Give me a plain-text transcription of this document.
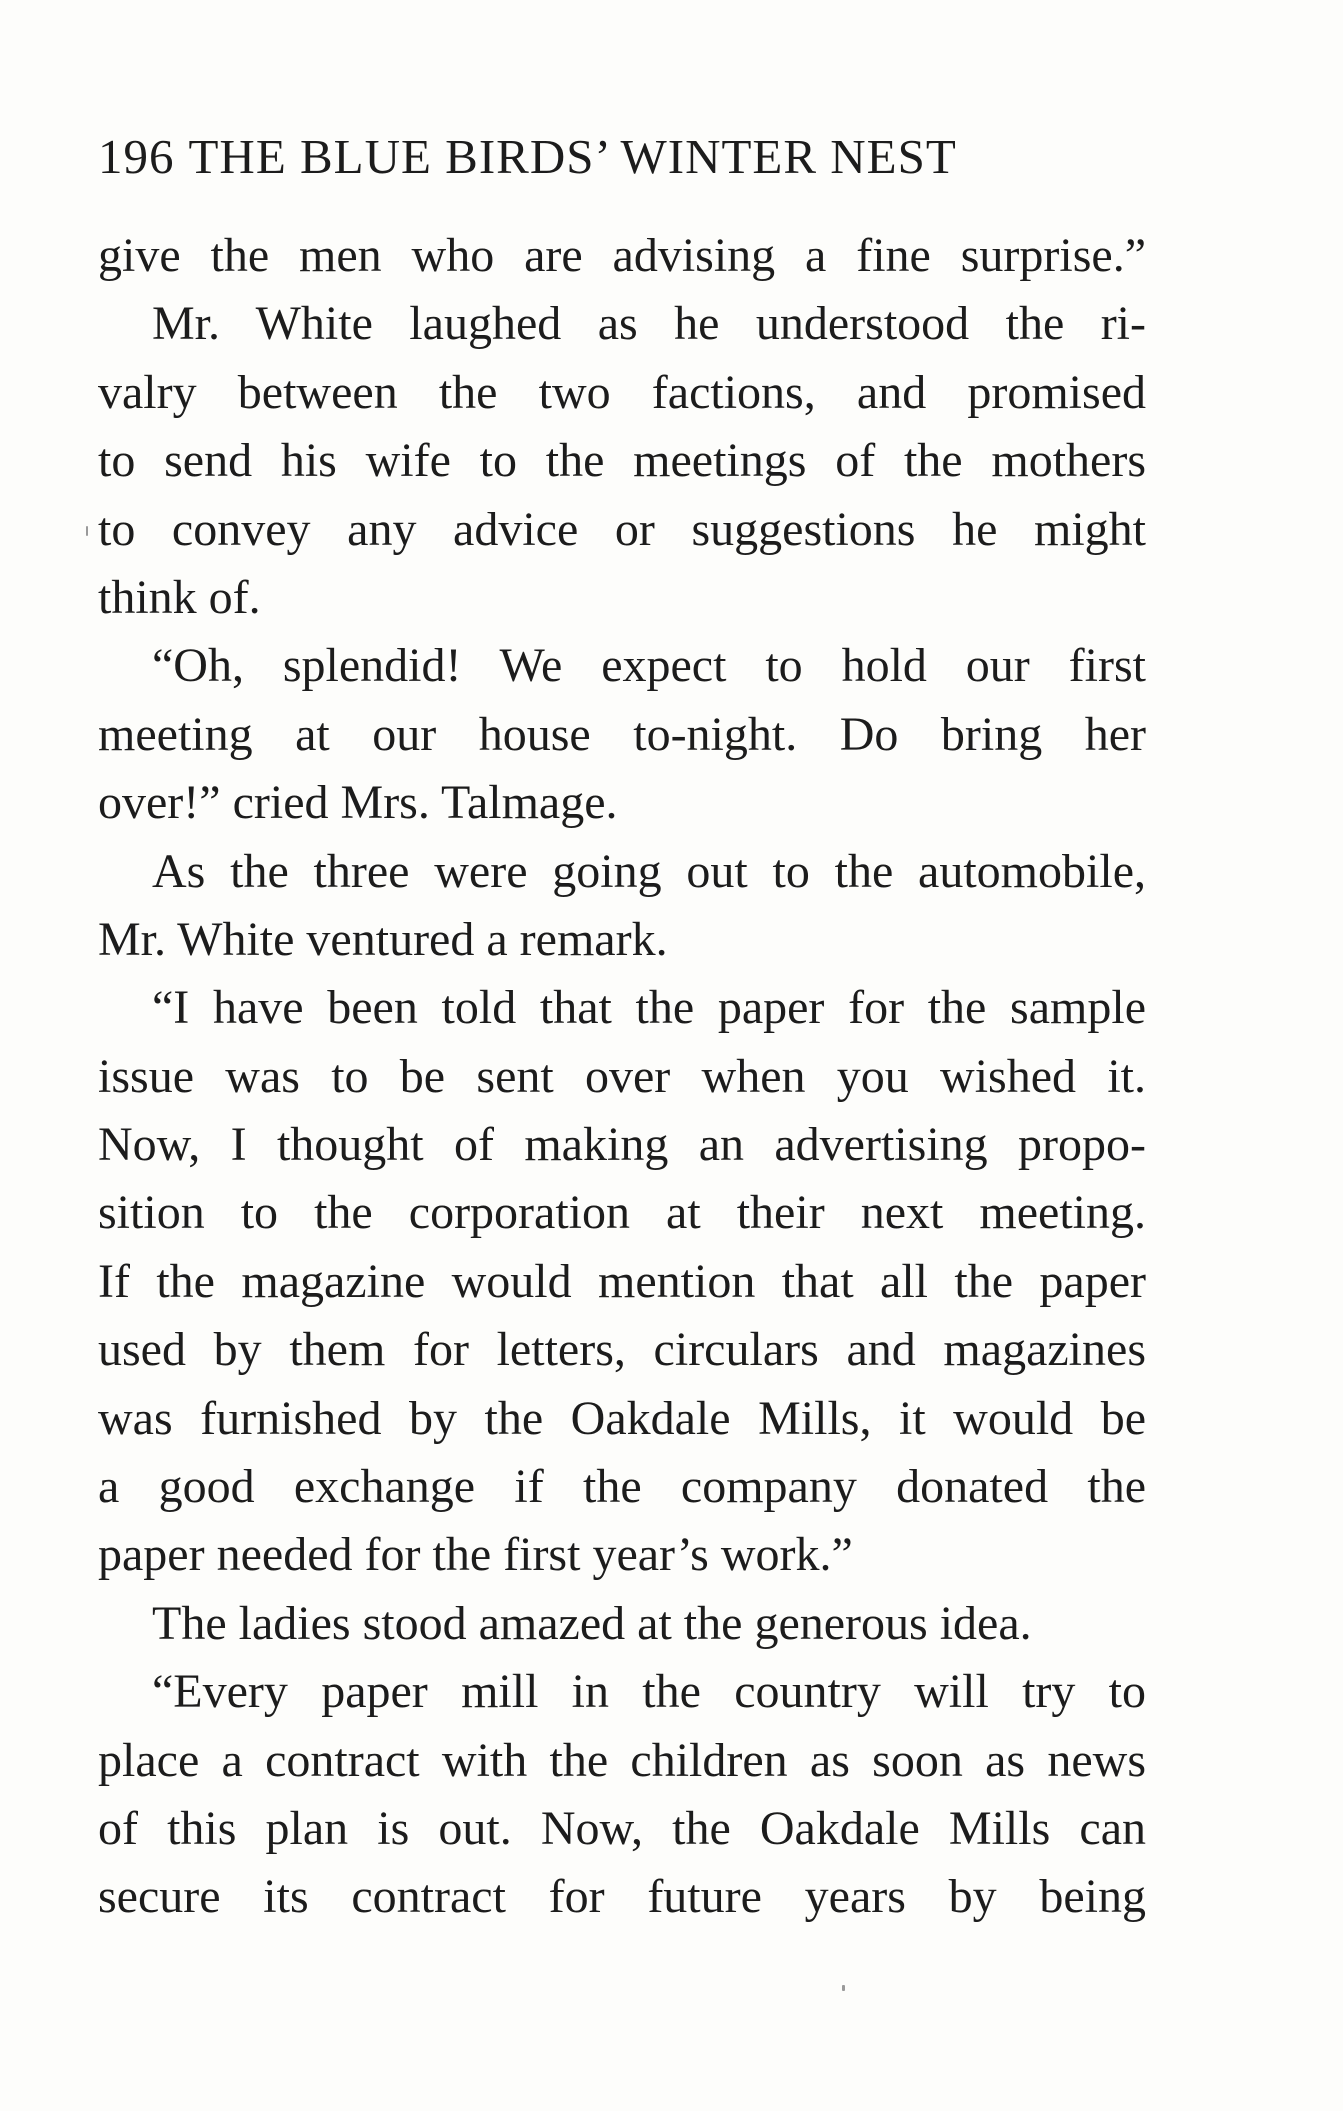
196 THE BLUE BIRDS’ WINTER NEST
give the men who are advising a fine surprise.”
Mr. White laughed as he understood the ri-
valry between the two factions, and promised
to send his wife to the meetings of the mothers
to convey any advice or suggestions he might
think of.
“Oh, splendid! We expect to hold our first
meeting at our house to-night. Do bring her
over!” cried Mrs. Talmage.
As the three were going out to the automobile,
Mr. White ventured a remark.
“I have been told that the paper for the sample
issue was to be sent over when you wished it.
Now, I thought of making an advertising propo-
sition to the corporation at their next meeting.
If the magazine would mention that all the paper
used by them for letters, circulars and magazines
was furnished by the Oakdale Mills, it would be
a good exchange if the company donated the
paper needed for the first year’s work.”
The ladies stood amazed at the generous idea.
“Every paper mill in the country will try to
place a contract with the children as soon as news
of this plan is out. Now, the Oakdale Mills can
secure its contract for future years by being
